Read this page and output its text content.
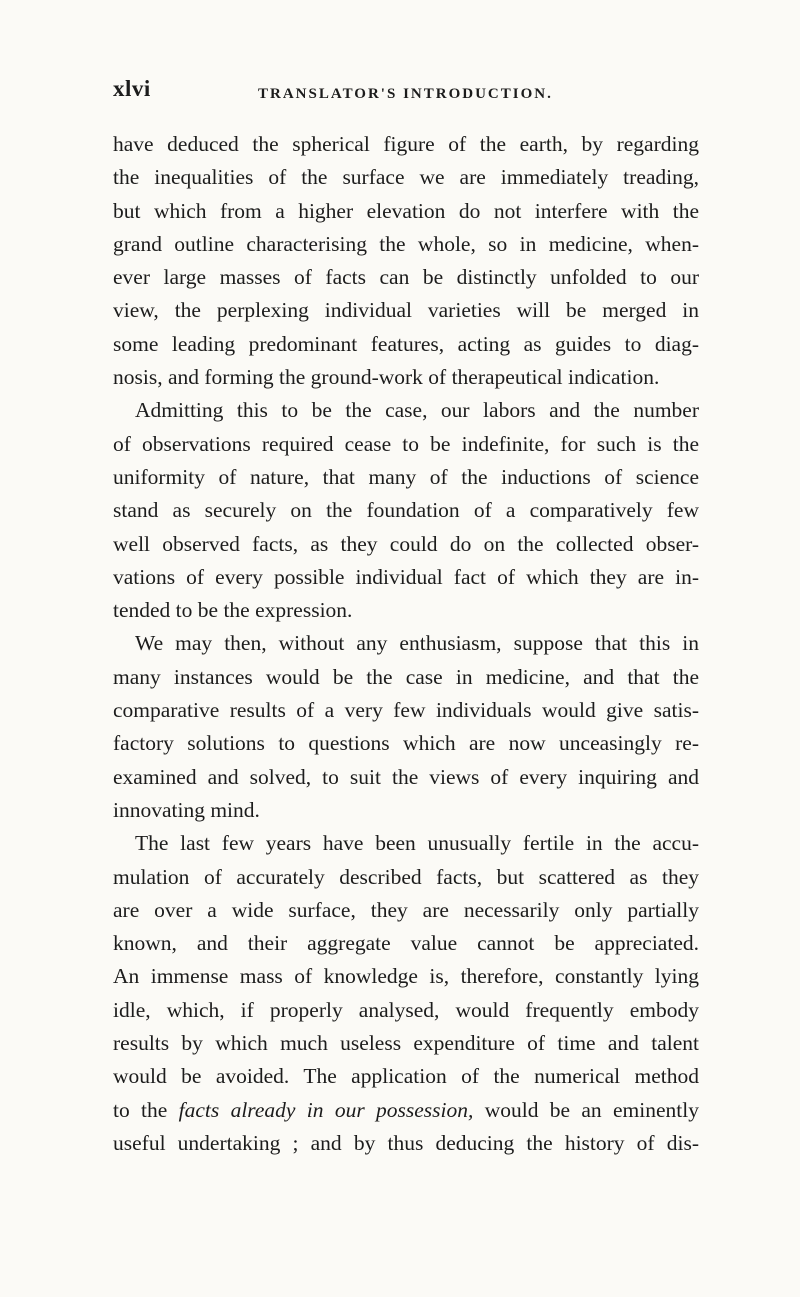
xlvi	translator's introduction.
have deduced the spherical figure of the earth, by regarding
the inequalities of the surface we are immediately treading,
but which from a higher elevation do not interfere with the
grand outline characterising the whole, so in medicine, when-
ever large masses of facts can be distinctly unfolded to our
view, the perplexing individual varieties will be merged in
some leading predominant features, acting as guides to diag-
nosis, and forming the ground-work of therapeutical indication.
Admitting this to be the case, our labors and the number
of observations required cease to be indefinite, for such is the
uniformity of nature, that many of the inductions of science
stand as securely on the foundation of a comparatively few
well observed facts, as they could do on the collected obser-
vations of every possible individual fact of which they are in-
tended to be the expression.
We may then, without any enthusiasm, suppose that this in
many instances would be the case in medicine, and that the
comparative results of a very few individuals would give satis-
factory solutions to questions which are now unceasingly re-
examined and solved, to suit the views of every inquiring and
innovating mind.
The last few years have been unusually fertile in the accu-
mulation of accurately described facts, but scattered as they
are over a wide surface, they are necessarily only partially
known, and their aggregate value cannot be appreciated.
An immense mass of knowledge is, therefore, constantly lying
idle, which, if properly analysed, would frequently embody
results by which much useless expenditure of time and talent
would be avoided. The application of the numerical method
to the facts already in our possession, would be an eminently
useful undertaking ; and by thus deducing the history of dis-
